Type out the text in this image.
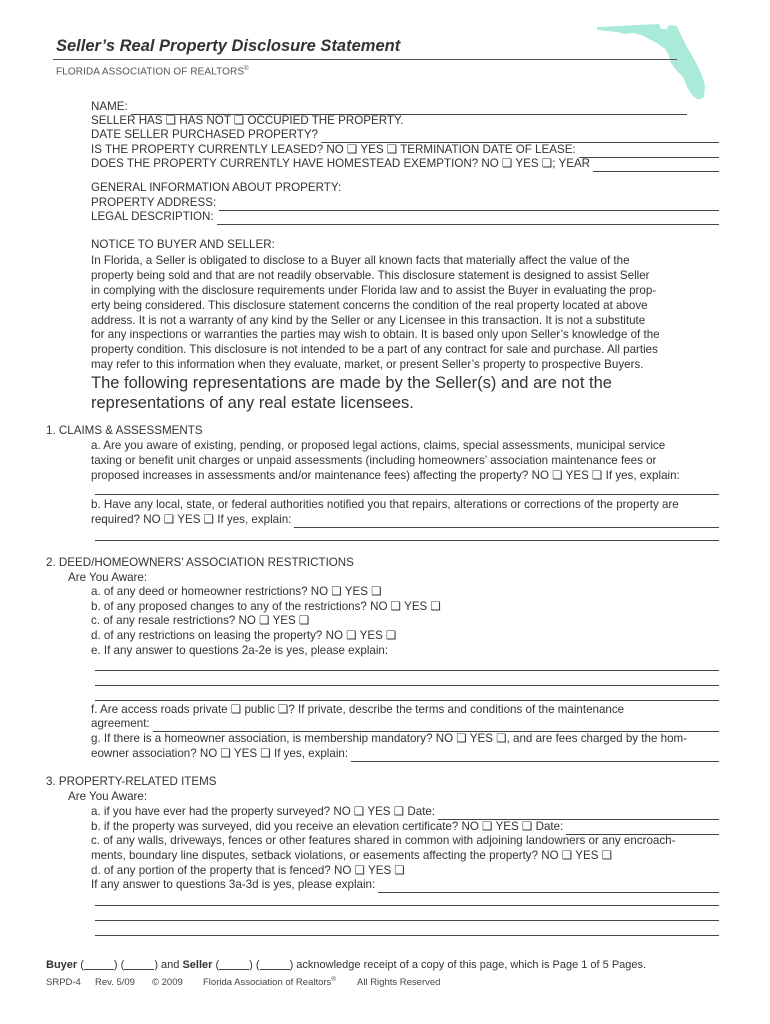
Seller’s Real Property Disclosure Statement
FLORIDA ASSOCIATION OF REALTORS®
NAME:
SELLER HAS ❑ HAS NOT ❑ OCCUPIED THE PROPERTY.
DATE SELLER PURCHASED PROPERTY?
IS THE PROPERTY CURRENTLY LEASED? NO ❑ YES ❑ TERMINATION DATE OF LEASE:
DOES THE PROPERTY CURRENTLY HAVE HOMESTEAD EXEMPTION? NO ❑ YES ❑; YEAR
GENERAL INFORMATION ABOUT PROPERTY:
PROPERTY ADDRESS:
LEGAL DESCRIPTION:
NOTICE TO BUYER AND SELLER:
In Florida, a Seller is obligated to disclose to a Buyer all known facts that materially affect the value of the
property being sold and that are not readily observable. This disclosure statement is designed to assist Seller
in complying with the disclosure requirements under Florida law and to assist the Buyer in evaluating the prop-
erty being considered. This disclosure statement concerns the condition of the real property located at above
address. It is not a warranty of any kind by the Seller or any Licensee in this transaction. It is not a substitute
for any inspections or warranties the parties may wish to obtain. It is based only upon Seller’s knowledge of the
property condition. This disclosure is not intended to be a part of any contract for sale and purchase. All parties
may refer to this information when they evaluate, market, or present Seller’s property to prospective Buyers.
The following representations are made by the Seller(s) and are not the
representations of any real estate licensees.
1. CLAIMS & ASSESSMENTS
a. Are you aware of existing, pending, or proposed legal actions, claims, special assessments, municipal service
taxing or benefit unit charges or unpaid assessments (including homeowners’ association maintenance fees or
proposed increases in assessments and/or maintenance fees) affecting the property? NO ❑ YES ❑ If yes, explain:
b. Have any local, state, or federal authorities notified you that repairs, alterations or corrections of the property are
required? NO ❑ YES ❑ If yes, explain:
2. DEED/HOMEOWNERS’ ASSOCIATION RESTRICTIONS
Are You Aware:
a. of any deed or homeowner restrictions? NO ❑ YES ❑
b. of any proposed changes to any of the restrictions? NO ❑ YES ❑
c. of any resale restrictions? NO ❑ YES ❑
d. of any restrictions on leasing the property? NO ❑ YES ❑
e. If any answer to questions 2a-2e is yes, please explain:
f. Are access roads private ❑ public ❑? If private, describe the terms and conditions of the maintenance
agreement:
g. If there is a homeowner association, is membership mandatory? NO ❑ YES ❑, and are fees charged by the hom-
eowner association? NO ❑ YES ❑ If yes, explain:
3. PROPERTY-RELATED ITEMS
Are You Aware:
a. if you have ever had the property surveyed? NO ❑ YES ❑ Date:
b. if the property was surveyed, did you receive an elevation certificate? NO ❑ YES ❑ Date:
c. of any walls, driveways, fences or other features shared in common with adjoining landowners or any encroach-
ments, boundary line disputes, setback violations, or easements affecting the property? NO ❑ YES ❑
d. of any portion of the property that is fenced? NO ❑ YES ❑
If any answer to questions 3a-3d is yes, please explain:
Buyer (	) (	) and Seller (	) (	) acknowledge receipt of a copy of this page, which is Page 1 of 5 Pages.
SRPD-4 Rev. 5/09 © 2009 Florida Association of Realtors® All Rights Reserved
